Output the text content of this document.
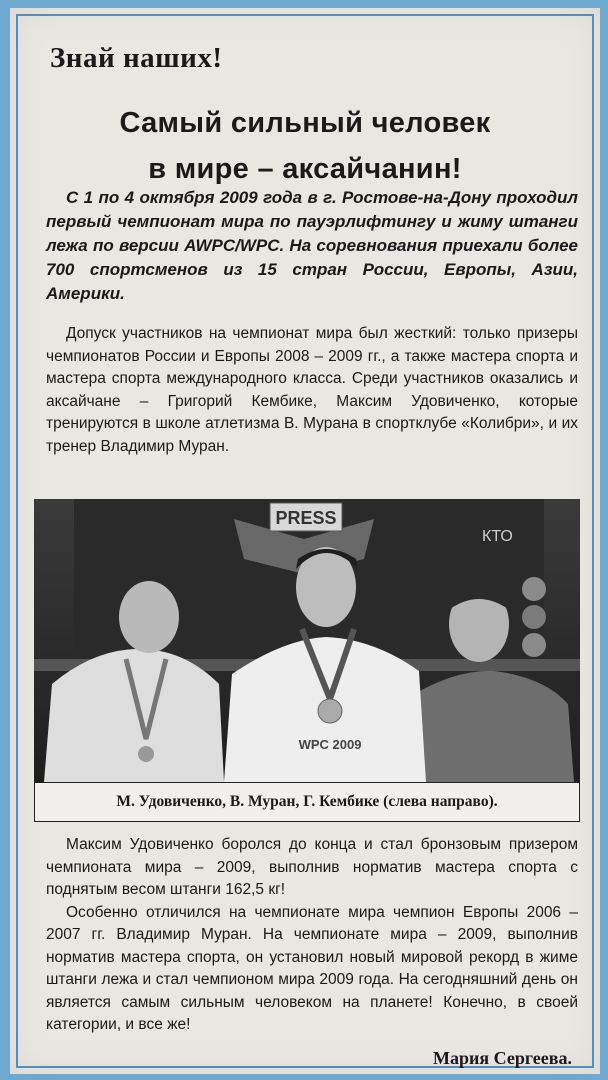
Знай наших!
Самый сильный человек
в мире – аксайчанин!
С 1 по 4 октября 2009 года в г. Ростове-на-Дону проходил первый чемпионат мира по пауэрлифтингу и жиму штанги лежа по версии AWPC/WPC. На соревнования приехали более 700 спортсменов из 15 стран России, Европы, Азии, Америки.
Допуск участников на чемпионат мира был жесткий: только призеры чемпионатов России и Европы 2008 – 2009 гг., а также мастера спорта и мастера спорта международного класса. Среди участников оказались и аксайчане – Григорий Кембике, Максим Удовиченко, которые тренируются в школе атлетизма В. Мурана в спортклубе «Колибри», и их тренер Владимир Муран.
PRESS
КТО
WPC 2009
М. Удовиченко, В. Муран, Г. Кембике (слева направо).

Максим Удовиченко боролся до конца и стал бронзовым призером чемпионата мира – 2009, выполнив норматив мастера спорта с поднятым весом штанги 162,5 кг!

Особенно отличился на чемпионате мира чемпион Европы 2006 – 2007 гг. Владимир Муран. На чемпионате мира – 2009, выполнив норматив мастера спорта, он установил новый мировой рекорд в жиме штанги лежа и стал чемпионом мира 2009 года. На сегодняшний день он является самым сильным человеком на планете! Конечно, в своей категории, и все же!

Мария Сергеева.
